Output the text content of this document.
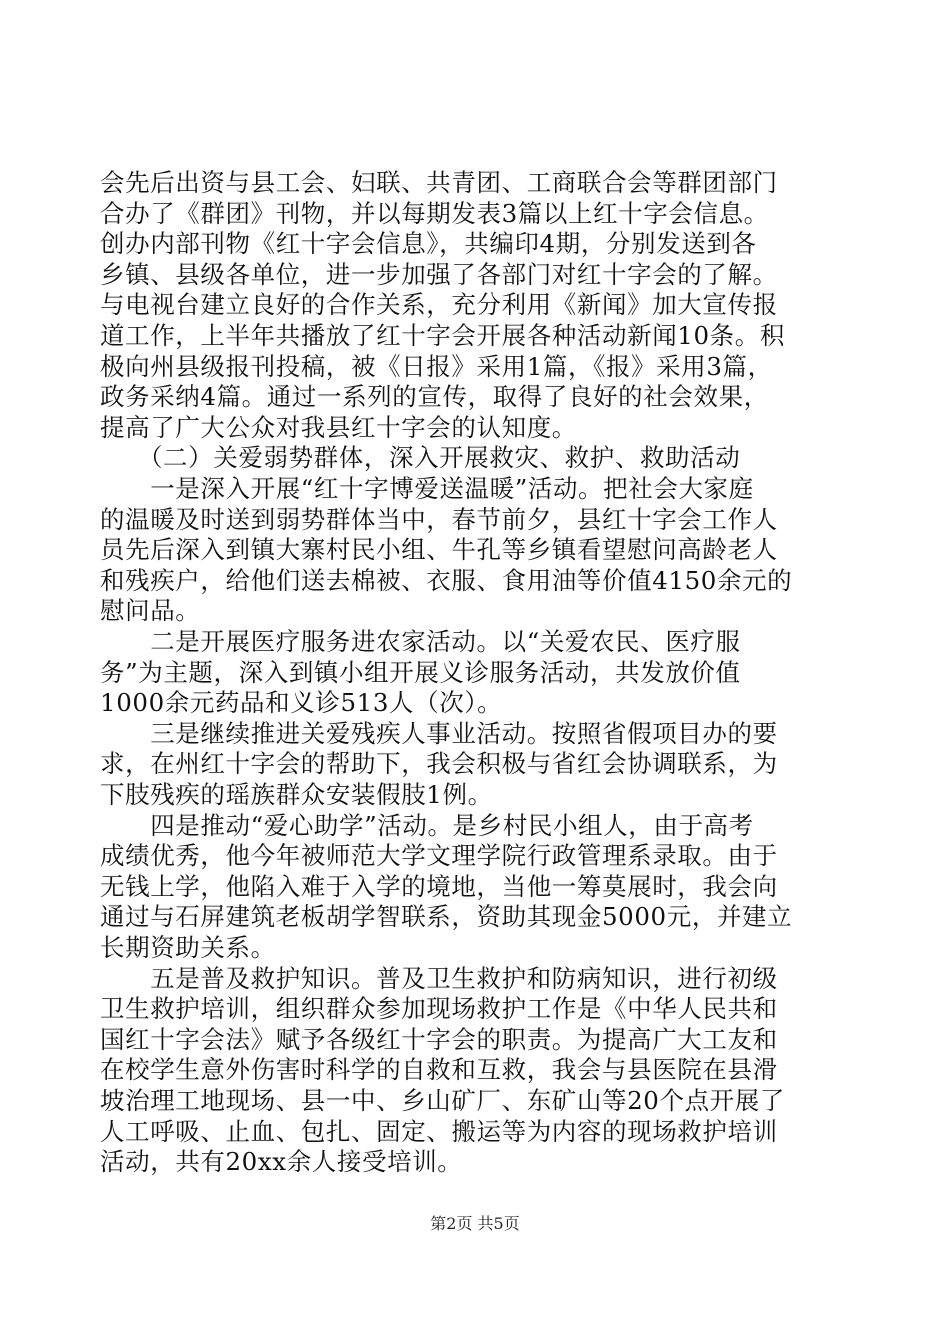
会先后出资与县工会、妇联、共青团、工商联合会等群团部门
合办了《群团》刊物，并以每期发表3篇以上红十字会信息。
创办内部刊物《红十字会信息》，共编印4期，分别发送到各
乡镇、县级各单位，进一步加强了各部门对红十字会的了解。
与电视台建立良好的合作关系，充分利用《新闻》加大宣传报
道工作，上半年共播放了红十字会开展各种活动新闻10条。积
极向州县级报刊投稿，被《日报》采用1篇，《报》采用3篇，
政务采纳4篇。通过一系列的宣传，取得了良好的社会效果，
提高了广大公众对我县红十字会的认知度。
　　（二）关爱弱势群体，深入开展救灾、救护、救助活动
　　一是深入开展“红十字博爱送温暖”活动。把社会大家庭
的温暖及时送到弱势群体当中，春节前夕，县红十字会工作人
员先后深入到镇大寨村民小组、牛孔等乡镇看望慰问高龄老人
和残疾户，给他们送去棉被、衣服、食用油等价值4150余元的
慰问品。
　　二是开展医疗服务进农家活动。以“关爱农民、医疗服
务”为主题，深入到镇小组开展义诊服务活动，共发放价值
1000余元药品和义诊513人（次）。
　　三是继续推进关爱残疾人事业活动。按照省假项目办的要
求，在州红十字会的帮助下，我会积极与省红会协调联系，为
下肢残疾的瑶族群众安装假肢1例。
　　四是推动“爱心助学”活动。是乡村民小组人，由于高考
成绩优秀，他今年被师范大学文理学院行政管理系录取。由于
无钱上学，他陷入难于入学的境地，当他一筹莫展时，我会向
通过与石屏建筑老板胡学智联系，资助其现金5000元，并建立
长期资助关系。
　　五是普及救护知识。普及卫生救护和防病知识，进行初级
卫生救护培训，组织群众参加现场救护工作是《中华人民共和
国红十字会法》赋予各级红十字会的职责。为提高广大工友和
在校学生意外伤害时科学的自救和互救，我会与县医院在县滑
坡治理工地现场、县一中、乡山矿厂、东矿山等20个点开展了
人工呼吸、止血、包扎、固定、搬运等为内容的现场救护培训
活动，共有20xx余人接受培训。
第2页 共5页
